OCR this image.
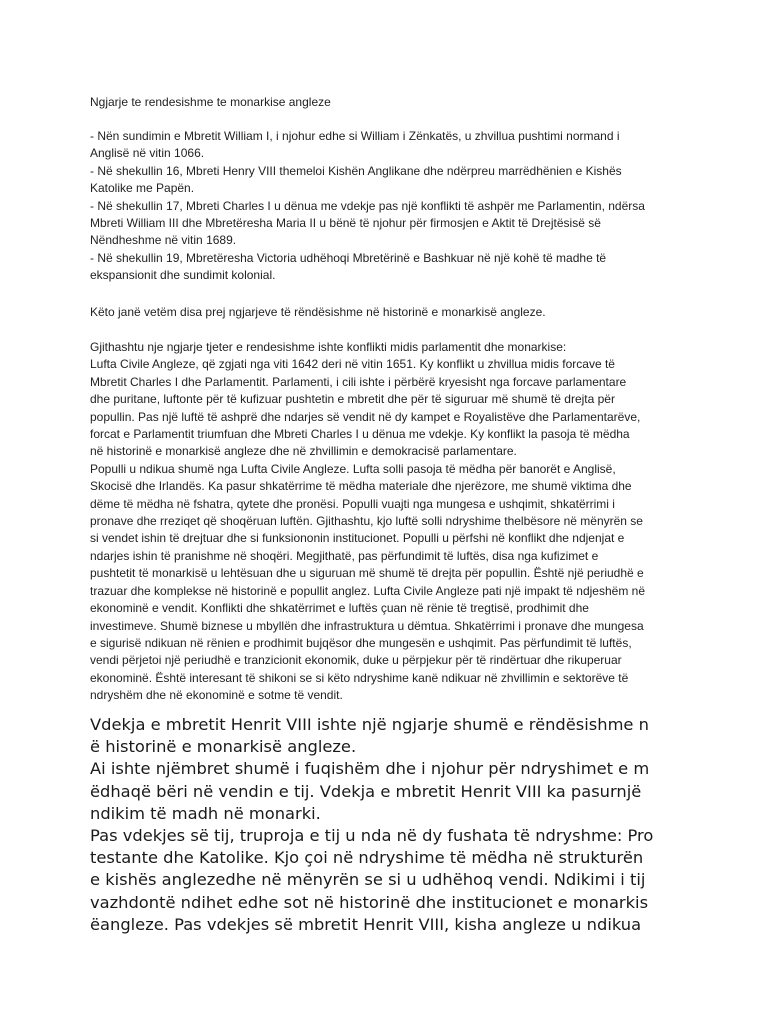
Ngjarje te rendesishme te monarkise angleze

- Nën sundimin e Mbretit William I, i njohur edhe si William i Zënkatës, u zhvillua pushtimi normand i
Anglisë në vitin 1066.

- Në shekullin 16, Mbreti Henry VIII themeloi Kishën Anglikane dhe ndërpreu marrëdhënien e Kishës
Katolike me Papën.

- Në shekullin 17, Mbreti Charles I u dënua me vdekje pas një konflikti të ashpër me Parlamentin, ndërsa
Mbreti William III dhe Mbretëresha Maria II u bënë të njohur për firmosjen e Aktit të Drejtësisë së
Nëndheshme në vitin 1689.

- Në shekullin 19, Mbretëresha Victoria udhëhoqi Mbretërinë e Bashkuar në një kohë të madhe të
ekspansionit dhe sundimit kolonial.

Këto janë vetëm disa prej ngjarjeve të rëndësishme në historinë e monarkisë angleze.

Gjithashtu nje ngjarje tjeter e rendesishme ishte konflikti midis parlamentit dhe monarkise:
Lufta Civile Angleze, që zgjati nga viti 1642 deri në vitin 1651. Ky konflikt u zhvillua midis forcave të
Mbretit Charles I dhe Parlamentit. Parlamenti, i cili ishte i përbërë kryesisht nga forcave parlamentare
dhe puritane, luftonte për të kufizuar pushtetin e mbretit dhe për të siguruar më shumë të drejta për
popullin. Pas një luftë të ashprë dhe ndarjes së vendit në dy kampet e Royalistëve dhe Parlamentarëve,
forcat e Parlamentit triumfuan dhe Mbreti Charles I u dënua me vdekje. Ky konflikt la pasoja të mëdha
në historinë e monarkisë angleze dhe në zhvillimin e demokracisë parlamentare.
Populli u ndikua shumë nga Lufta Civile Angleze. Lufta solli pasoja të mëdha për banorët e Anglisë,
Skocisë dhe Irlandës. Ka pasur shkatërrime të mëdha materiale dhe njerëzore, me shumë viktima dhe
dëme të mëdha në fshatra, qytete dhe pronësi. Populli vuajti nga mungesa e ushqimit, shkatërrimi i
pronave dhe rreziqet që shoqëruan luftën. Gjithashtu, kjo luftë solli ndryshime thelbësore në mënyrën se
si vendet ishin të drejtuar dhe si funksiononin institucionet. Populli u përfshi në konflikt dhe ndjenjat e
ndarjes ishin të pranishme në shoqëri. Megjithatë, pas përfundimit të luftës, disa nga kufizimet e
pushtetit të monarkisë u lehtësuan dhe u siguruan më shumë të drejta për popullin. Është një periudhë e
trazuar dhe komplekse në historinë e popullit anglez. Lufta Civile Angleze pati një impakt të ndjeshëm në
ekonominë e vendit. Konflikti dhe shkatërrimet e luftës çuan në rënie të tregtisë, prodhimit dhe
investimeve. Shumë biznese u mbyllën dhe infrastruktura u dëmtua. Shkatërrimi i pronave dhe mungesa
e sigurisë ndikuan në rënien e prodhimit bujqësor dhe mungesën e ushqimit. Pas përfundimit të luftës,
vendi përjetoi një periudhë e tranzicionit ekonomik, duke u përpjekur për të rindërtuar dhe rikuperuar
ekonominë. Është interesant të shikoni se si këto ndryshime kanë ndikuar në zhvillimin e sektorëve të
ndryshëm dhe në ekonominë e sotme të vendit.

Vdekja e mbretit Henrit VIII ishte një ngjarje shumë e rëndësishme n
ë historinë e monarkisë angleze.
Ai ishte njëmbret shumë i fuqishëm dhe i njohur për ndryshimet e m
ëdhaqë bëri në vendin e tij. Vdekja e mbretit Henrit VIII ka pasurnjë
ndikim të madh në monarki.
Pas vdekjes së tij, truproja e tij u nda në dy fushata të ndryshme: Pro
testante dhe Katolike. Kjo çoi në ndryshime të mëdha në strukturën
e kishës anglezedhe në mënyrën se si u udhëhoq vendi. Ndikimi i tij
vazhdontë ndihet edhe sot në historinë dhe institucionet e monarkis
ëangleze. Pas vdekjes së mbretit Henrit VIII, kisha angleze u ndikua
